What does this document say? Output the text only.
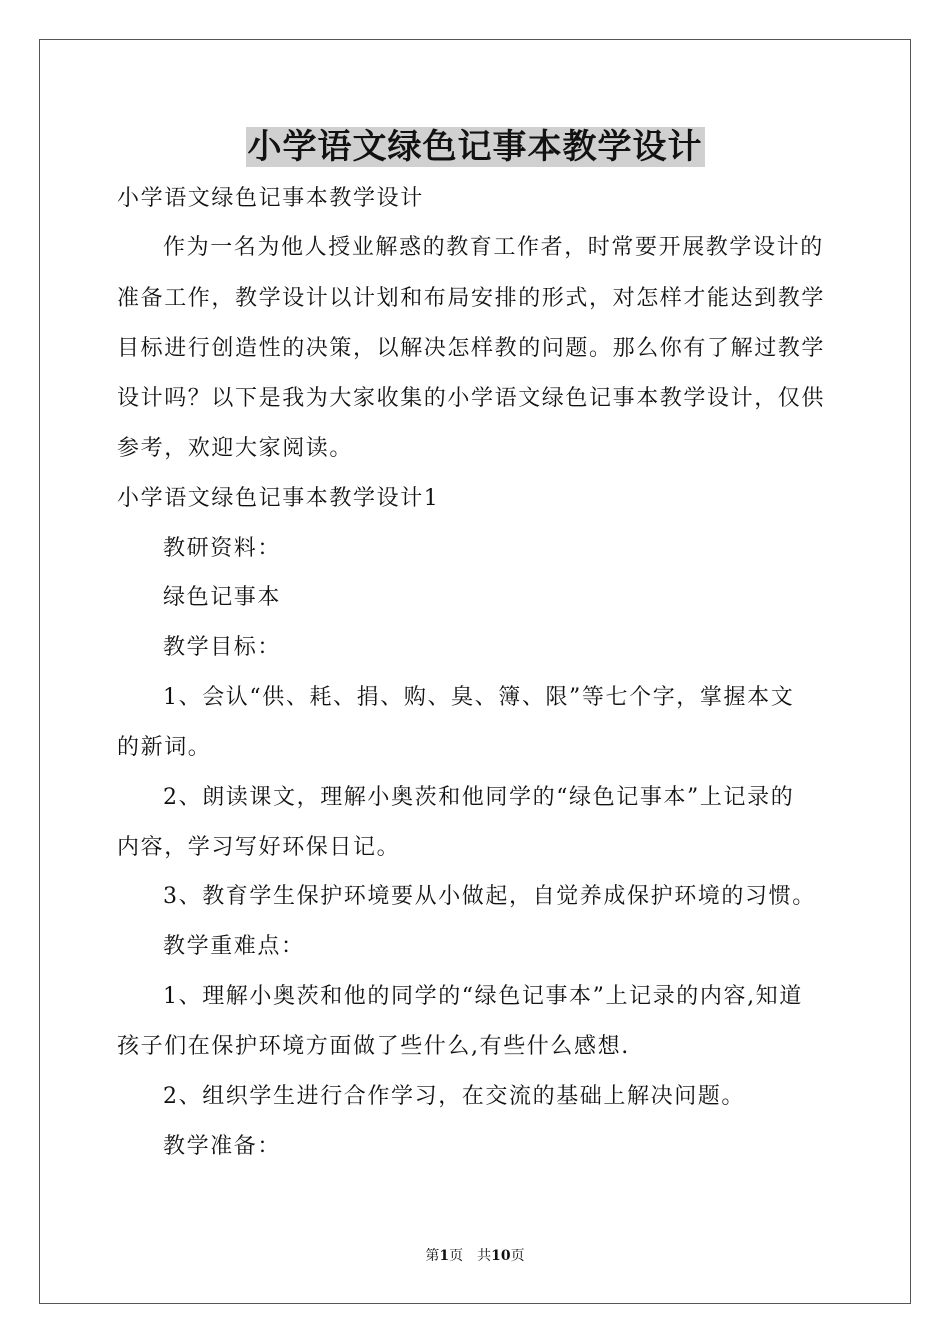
小学语文绿色记事本教学设计
小学语文绿色记事本教学设计
作为一名为他人授业解惑的教育工作者，时常要开展教学设计的
准备工作，教学设计以计划和布局安排的形式，对怎样才能达到教学
目标进行创造性的决策，以解决怎样教的问题。那么你有了解过教学
设计吗？以下是我为大家收集的小学语文绿色记事本教学设计，仅供
参考，欢迎大家阅读。
小学语文绿色记事本教学设计1
教研资料：
绿色记事本
教学目标：
1、会认“供、耗、捐、购、臭、簿、限”等七个字，掌握本文
的新词。
2、朗读课文，理解小奥茨和他同学的“绿色记事本”上记录的
内容，学习写好环保日记。
3、教育学生保护环境要从小做起，自觉养成保护环境的习惯。
教学重难点：
1、理解小奥茨和他的同学的“绿色记事本”上记录的内容,知道
孩子们在保护环境方面做了些什么,有些什么感想.
2、组织学生进行合作学习，在交流的基础上解决问题。
教学准备：
第1页　共10页
